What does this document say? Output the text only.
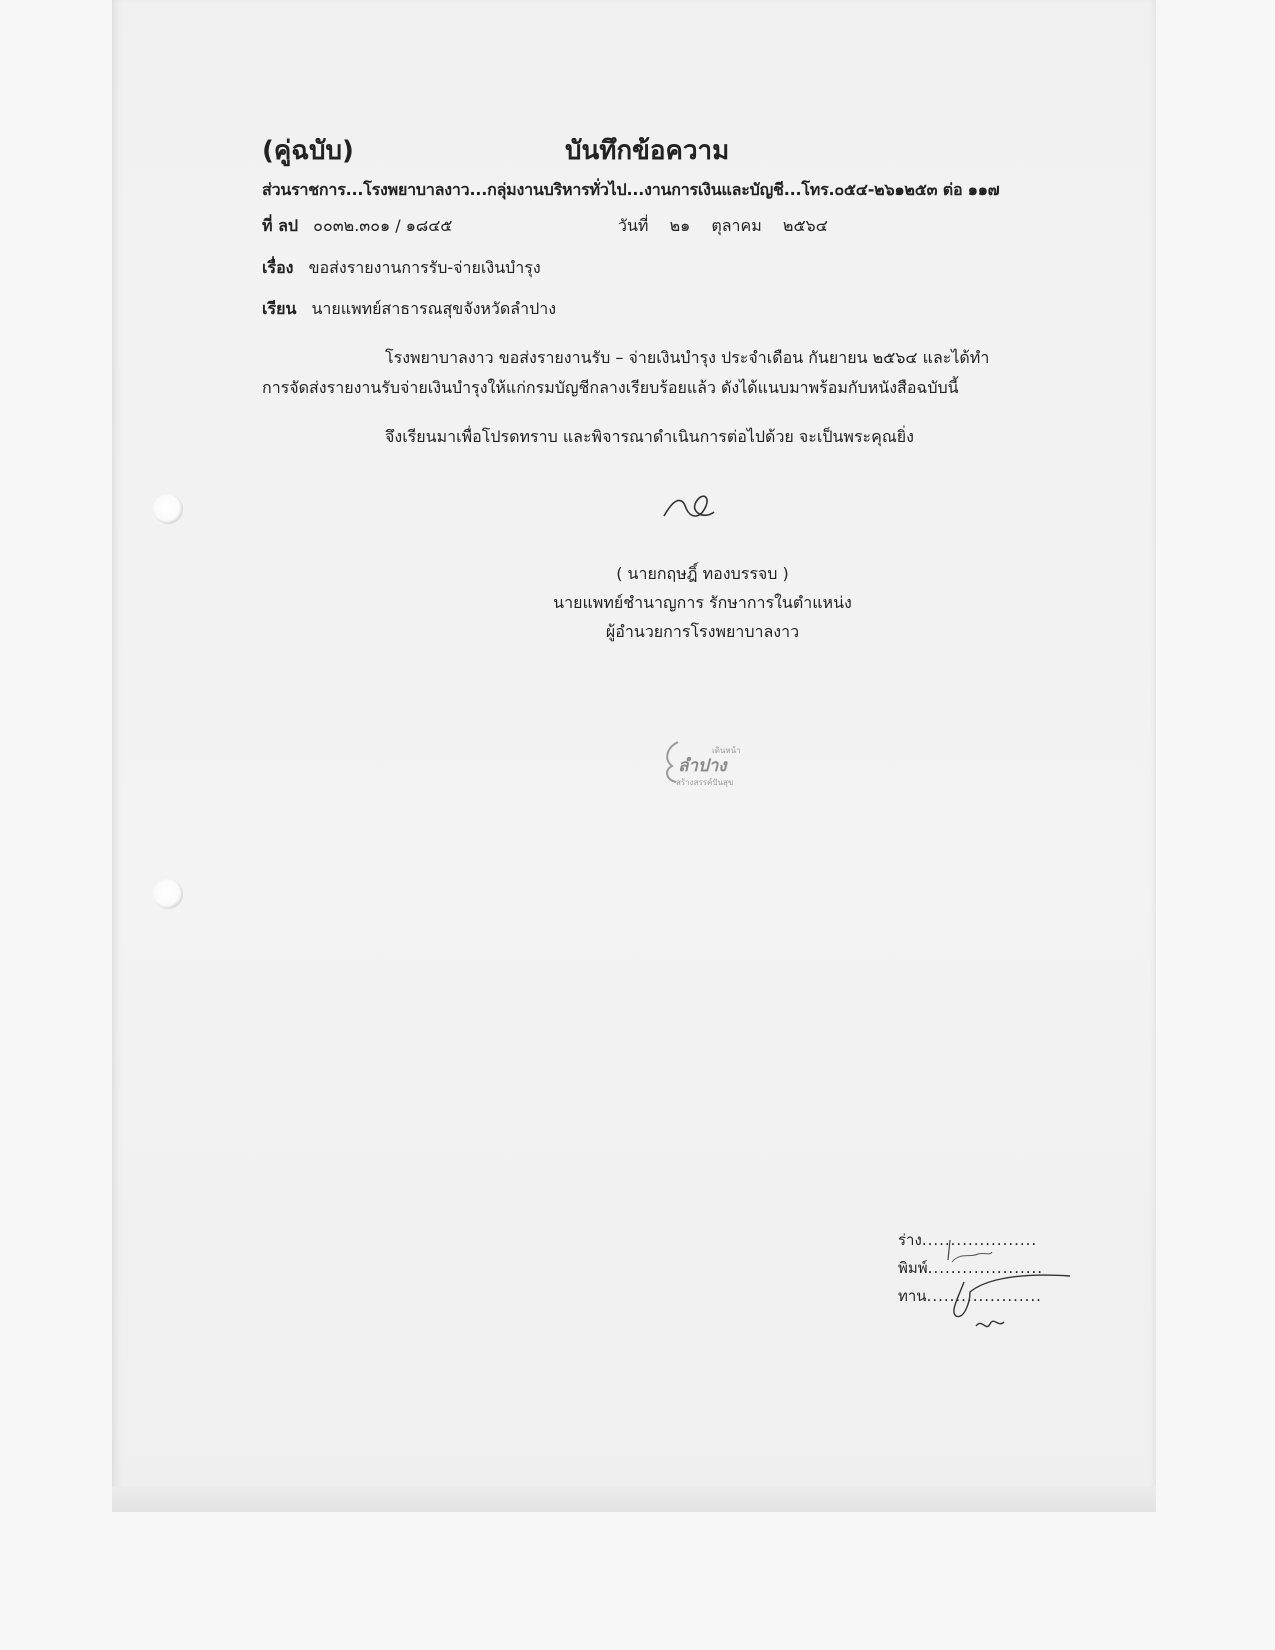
(คู่ฉบับ)	บันทึกข้อความ
ส่วนราชการ...โรงพยาบาลงาว...กลุ่มงานบริหารทั่วไป...งานการเงินและบัญชี...โทร.๐๕๔-๒๖๑๒๕๓ ต่อ ๑๑๗
ที่ ลป ๐๐๓๒.๓๐๑ / ๑๘๔๕	วันที่ ๒๑ ตุลาคม ๒๕๖๔
เรื่อง ขอส่งรายงานการรับ-จ่ายเงินบำรุง
เรียน นายแพทย์สาธารณสุขจังหวัดลำปาง
โรงพยาบาลงาว ขอส่งรายงานรับ – จ่ายเงินบำรุง ประจำเดือน กันยายน ๒๕๖๔ และได้ทำ
การจัดส่งรายงานรับจ่ายเงินบำรุงให้แก่กรมบัญชีกลางเรียบร้อยแล้ว ดังได้แนบมาพร้อมกับหนังสือฉบับนี้
จึงเรียนมาเพื่อโปรดทราบ และพิจารณาดำเนินการต่อไปด้วย จะเป็นพระคุณยิ่ง
( นายกฤษฎิ์ ทองบรรจบ )
นายแพทย์ชำนาญการ รักษาการในตำแหน่ง
ผู้อำนวยการโรงพยาบาลงาว
เดินหน้า
ลำปาง
สร้างสรรค์ปันสุข
ร่าง....................
พิมพ์....................
ทาน....................
